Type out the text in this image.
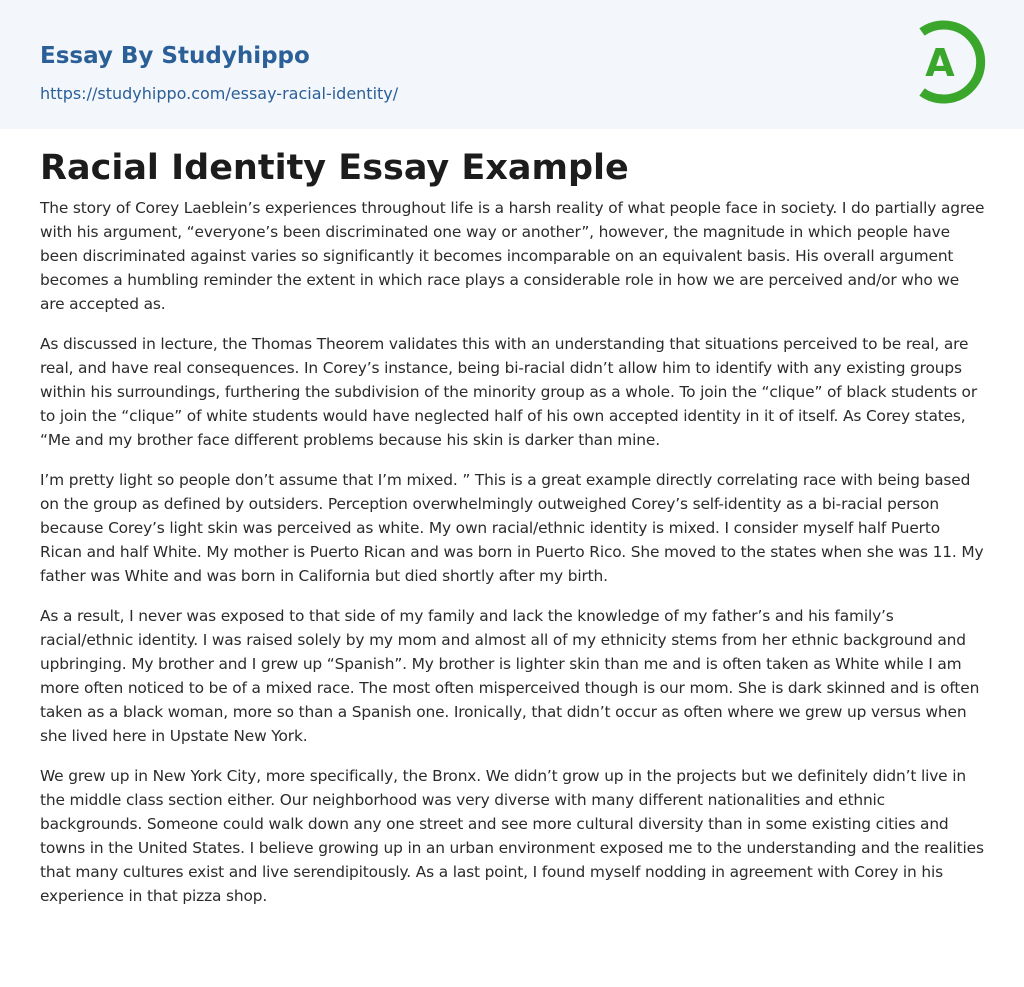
Essay By Studyhippo
https://studyhippo.com/essay-racial-identity/
A
Racial Identity Essay Example

The story of Corey Laeblein’s experiences throughout life is a harsh reality of what people face in society. I do partially agree with his argument, “everyone’s been discriminated one way or another”, however, the magnitude in which people have been discriminated against varies so significantly it becomes incomparable on an equivalent basis. His overall argument becomes a humbling reminder the extent in which race plays a considerable role in how we are perceived and/or who we are accepted as.

As discussed in lecture, the Thomas Theorem validates this with an understanding that situations perceived to be real, are real, and have real consequences. In Corey’s instance, being bi-racial didn’t allow him to identify with any existing groups within his surroundings, furthering the subdivision of the minority group as a whole. To join the “clique” of black students or to join the “clique” of white students would have neglected half of his own accepted identity in it of itself. As Corey states, “Me and my brother face different problems because his skin is darker than mine.

I’m pretty light so people don’t assume that I’m mixed. ” This is a great example directly correlating race with being based on the group as defined by outsiders. Perception overwhelmingly outweighed Corey’s self-identity as a bi-racial person because Corey’s light skin was perceived as white. My own racial/ethnic identity is mixed. I consider myself half Puerto Rican and half White. My mother is Puerto Rican and was born in Puerto Rico. She moved to the states when she was 11. My father was White and was born in California but died shortly after my birth.

As a result, I never was exposed to that side of my family and lack the knowledge of my father’s and his family’s racial/ethnic identity. I was raised solely by my mom and almost all of my ethnicity stems from her ethnic background and upbringing. My brother and I grew up “Spanish”. My brother is lighter skin than me and is often taken as White while I am more often noticed to be of a mixed race. The most often misperceived though is our mom. She is dark skinned and is often taken as a black woman, more so than a Spanish one. Ironically, that didn’t occur as often where we grew up versus when she lived here in Upstate New York.

We grew up in New York City, more specifically, the Bronx. We didn’t grow up in the projects but we definitely didn’t live in the middle class section either. Our neighborhood was very diverse with many different nationalities and ethnic backgrounds. Someone could walk down any one street and see more cultural diversity than in some existing cities and towns in the United States. I believe growing up in an urban environment exposed me to the understanding and the realities that many cultures exist and live serendipitously. As a last point, I found myself nodding in agreement with Corey in his experience in that pizza shop.
